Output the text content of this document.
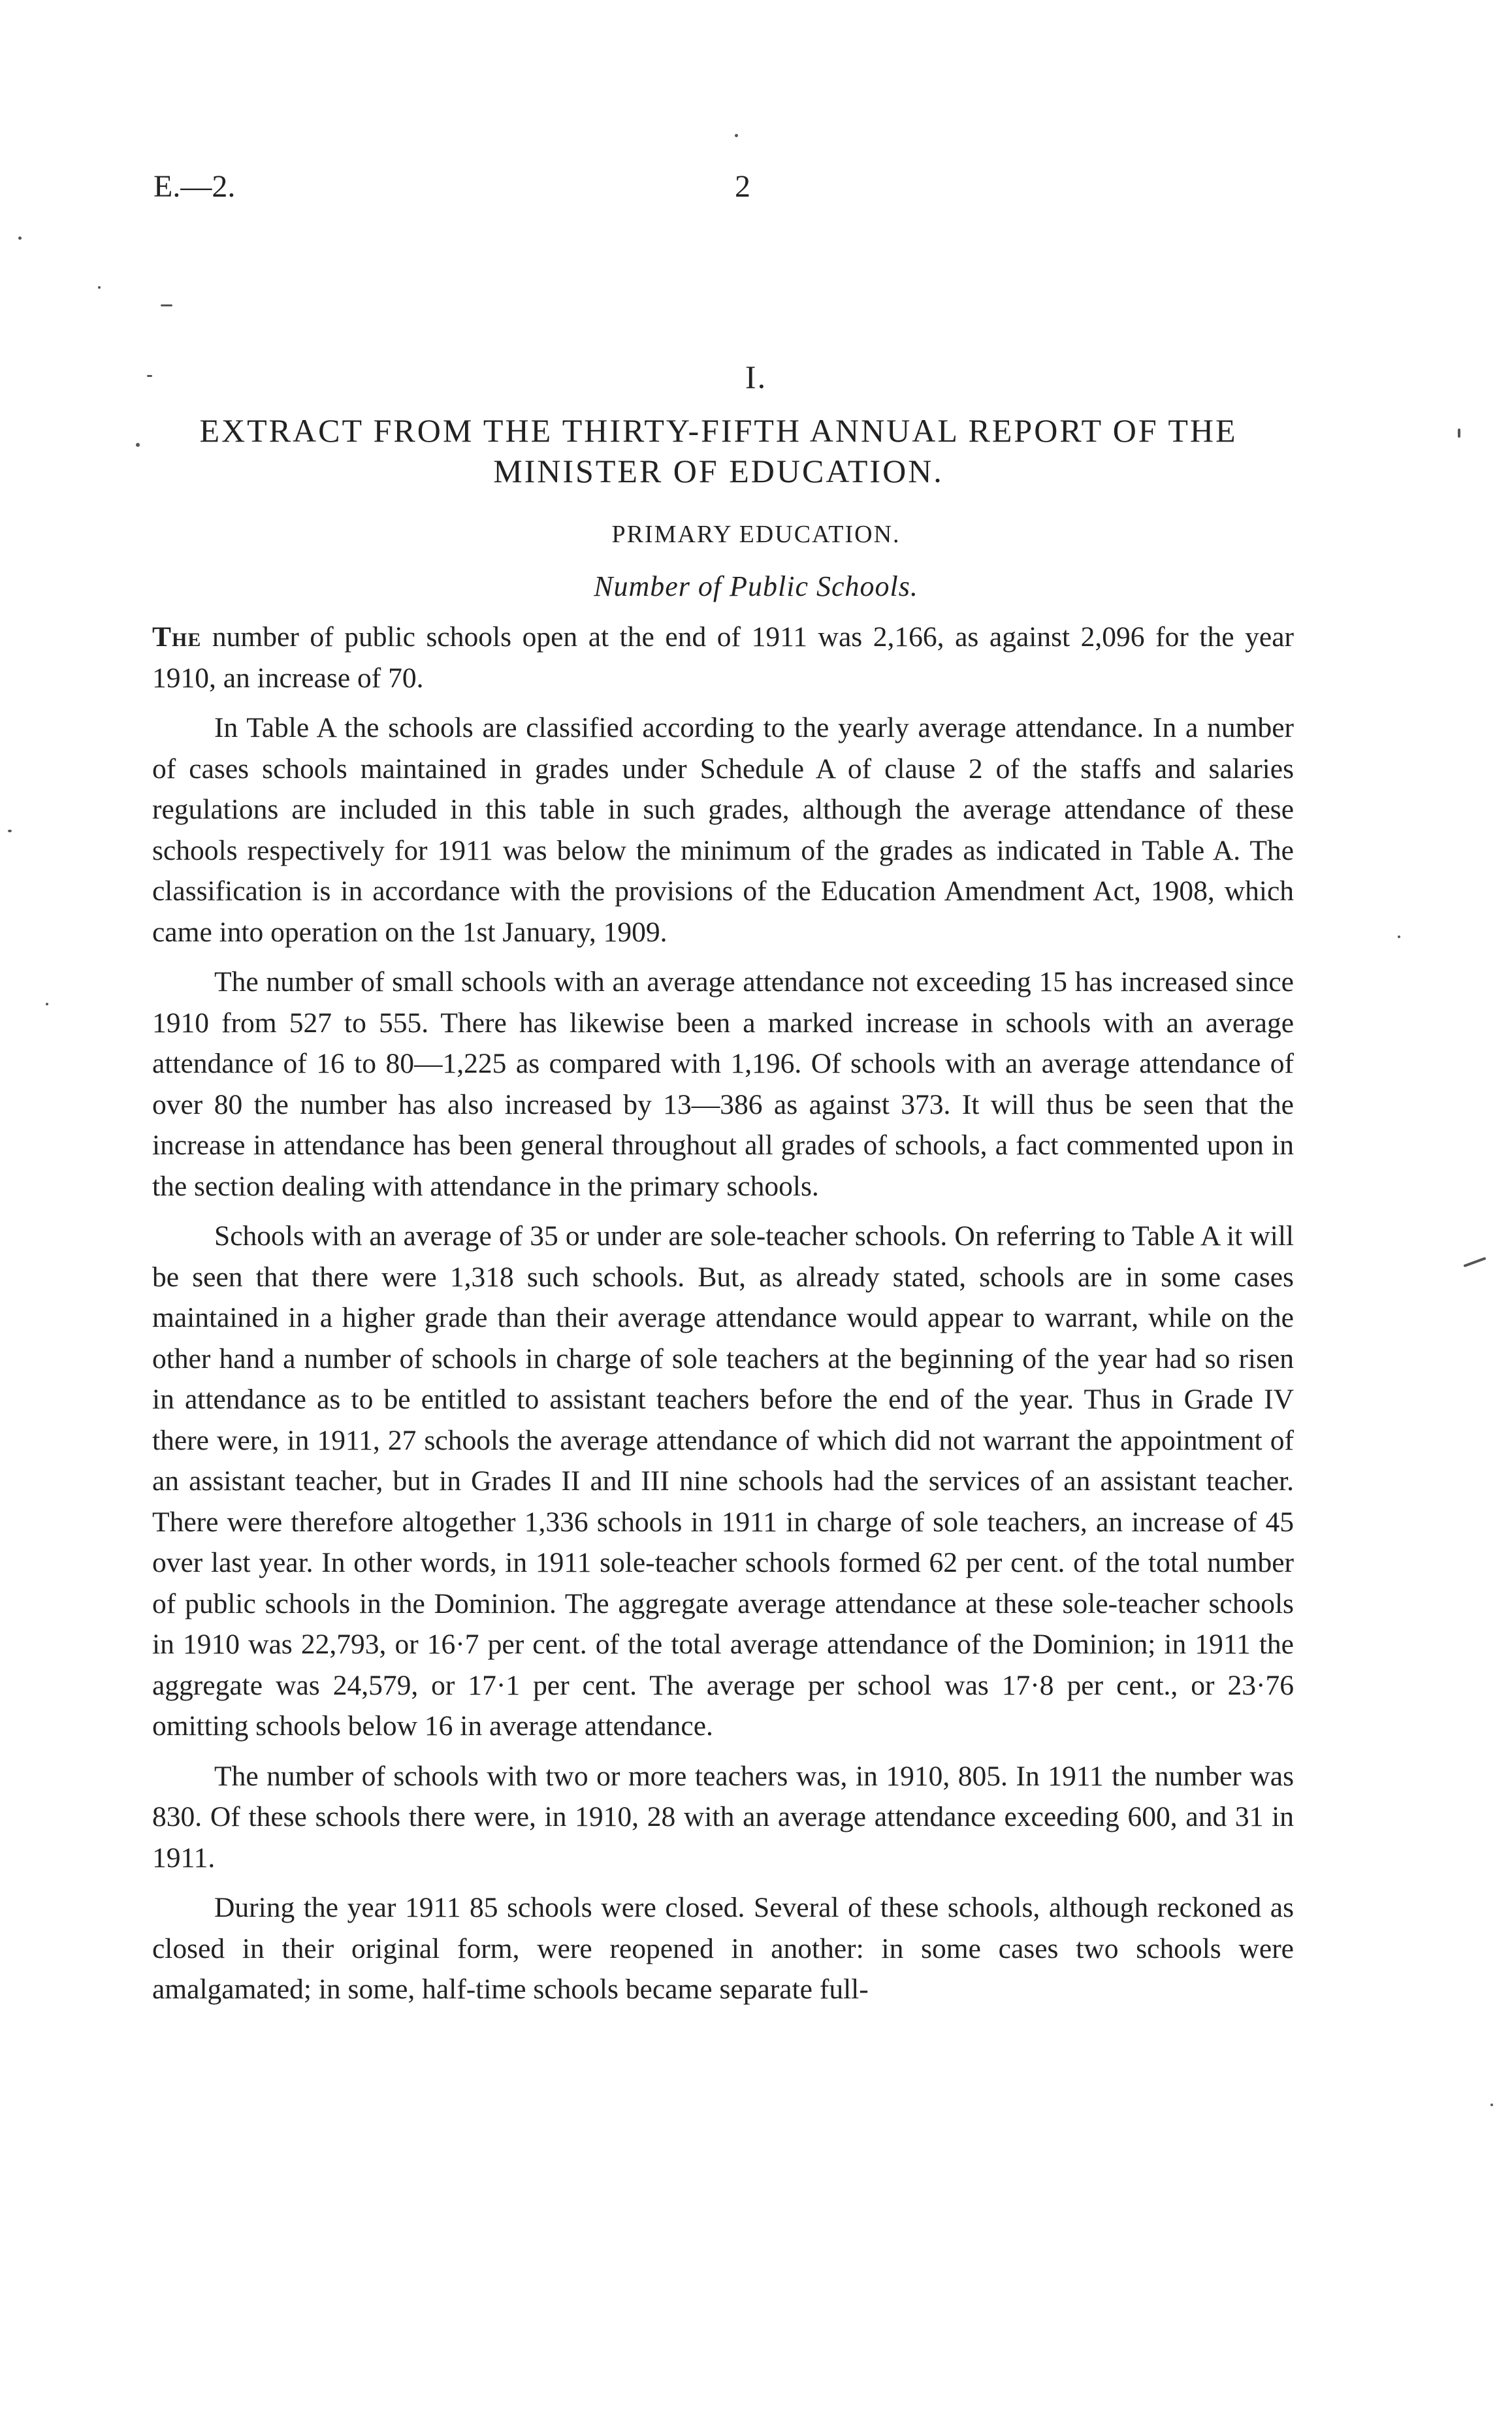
E.—2.	2
I.
EXTRACT FROM THE THIRTY-FIFTH ANNUAL REPORT OF THE MINISTER OF EDUCATION.
PRIMARY EDUCATION.
Number of Public Schools.

The number of public schools open at the end of 1911 was 2,166, as against 2,096 for the year 1910, an increase of 70.

In Table A the schools are classified according to the yearly average attendance. In a number of cases schools maintained in grades under Schedule A of clause 2 of the staffs and salaries regulations are included in this table in such grades, although the average attendance of these schools respectively for 1911 was below the minimum of the grades as indicated in Table A. The classification is in accordance with the provisions of the Education Amendment Act, 1908, which came into operation on the 1st January, 1909.

The number of small schools with an average attendance not exceeding 15 has increased since 1910 from 527 to 555. There has likewise been a marked increase in schools with an average attendance of 16 to 80—1,225 as compared with 1,196. Of schools with an average attendance of over 80 the number has also increased by 13—386 as against 373. It will thus be seen that the increase in attendance has been general throughout all grades of schools, a fact commented upon in the section dealing with attendance in the primary schools.

Schools with an average of 35 or under are sole-teacher schools. On referring to Table A it will be seen that there were 1,318 such schools. But, as already stated, schools are in some cases maintained in a higher grade than their average attendance would appear to warrant, while on the other hand a number of schools in charge of sole teachers at the beginning of the year had so risen in attendance as to be entitled to assistant teachers before the end of the year. Thus in Grade IV there were, in 1911, 27 schools the average attendance of which did not warrant the appointment of an assistant teacher, but in Grades II and III nine schools had the services of an assistant teacher. There were therefore altogether 1,336 schools in 1911 in charge of sole teachers, an increase of 45 over last year. In other words, in 1911 sole-teacher schools formed 62 per cent. of the total number of public schools in the Dominion. The aggregate average attendance at these sole-teacher schools in 1910 was 22,793, or 16·7 per cent. of the total average attendance of the Dominion; in 1911 the aggregate was 24,579, or 17·1 per cent. The average per school was 17·8 per cent., or 23·76 omitting schools below 16 in average attendance.

The number of schools with two or more teachers was, in 1910, 805. In 1911 the number was 830. Of these schools there were, in 1910, 28 with an average attendance exceeding 600, and 31 in 1911.

During the year 1911 85 schools were closed. Several of these schools, although reckoned as closed in their original form, were reopened in another: in some cases two schools were amalgamated; in some, half-time schools became separate full-
